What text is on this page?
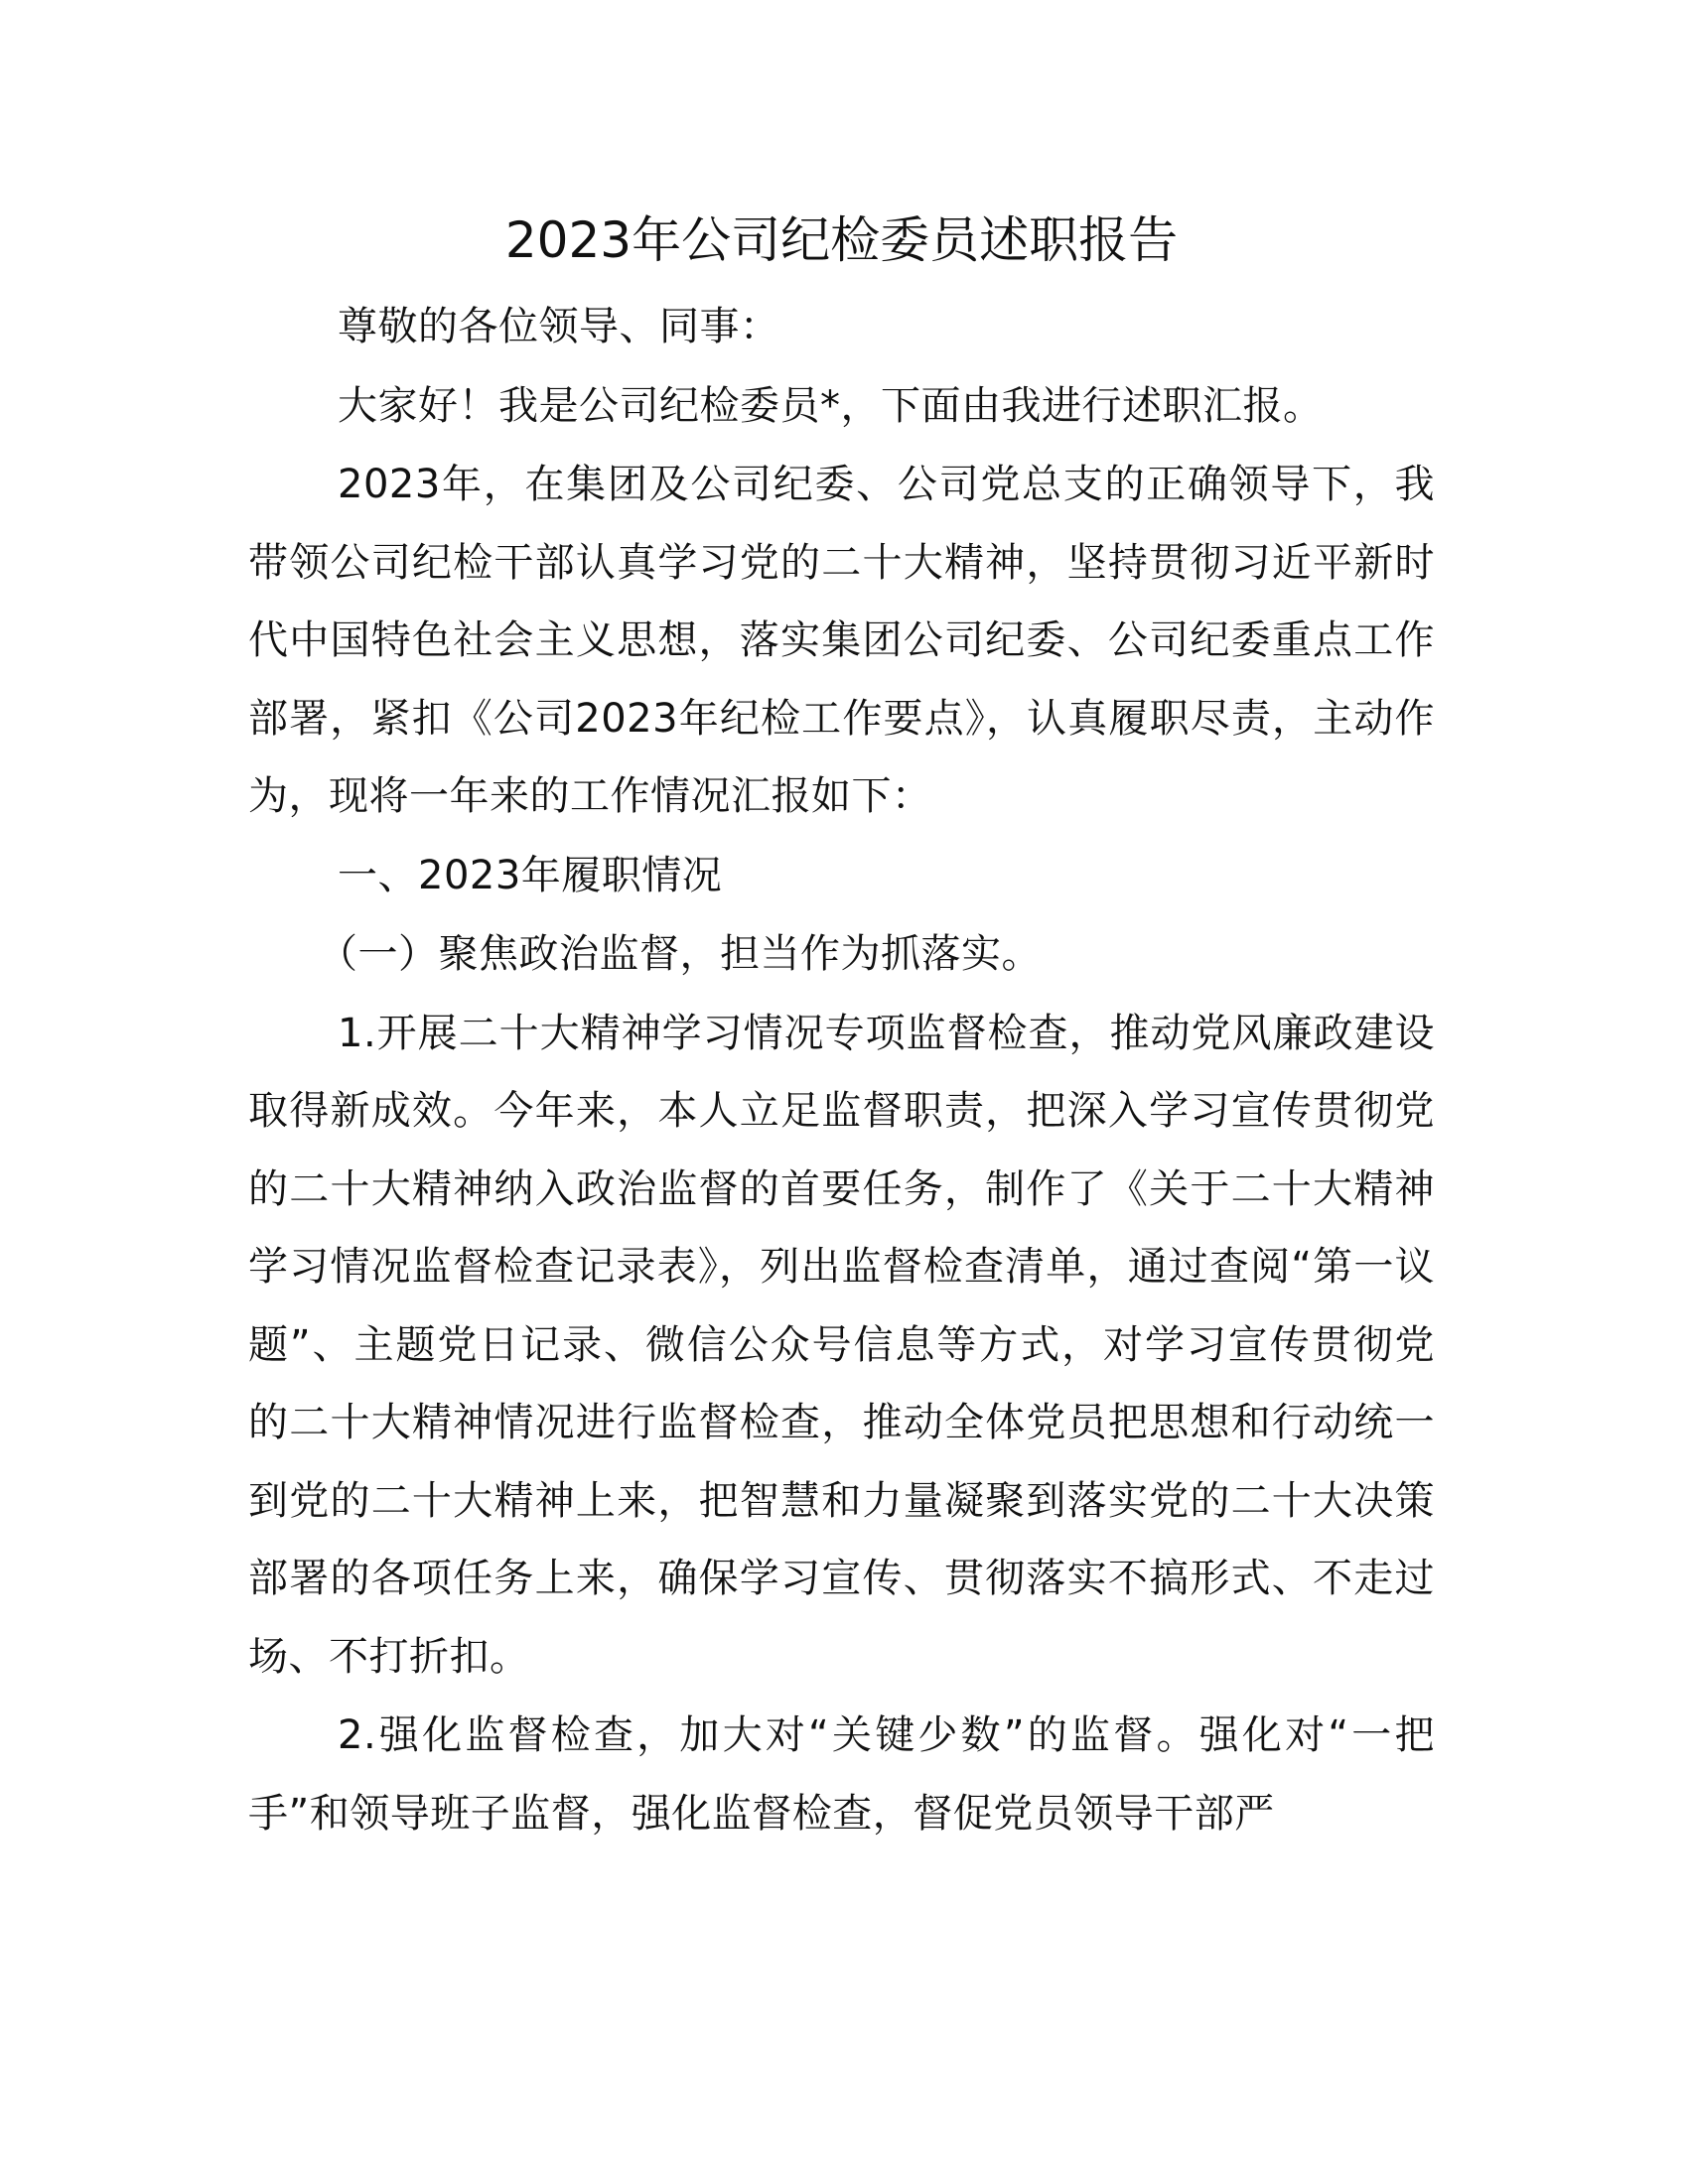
2023年公司纪检委员述职报告

尊敬的各位领导、同事：

大家好！我是公司纪检委员*，下面由我进行述职汇报。

2023年，在集团及公司纪委、公司党总支的正确领导下，我带领公司纪检干部认真学习党的二十大精神，坚持贯彻习近平新时代中国特色社会主义思想，落实集团公司纪委、公司纪委重点工作部署，紧扣《公司2023年纪检工作要点》，认真履职尽责，主动作为，现将一年来的工作情况汇报如下：

一、2023年履职情况

（一）聚焦政治监督，担当作为抓落实。

1.开展二十大精神学习情况专项监督检查，推动党风廉政建设取得新成效。今年来，本人立足监督职责，把深入学习宣传贯彻党的二十大精神纳入政治监督的首要任务，制作了《关于二十大精神学习情况监督检查记录表》，列出监督检查清单，通过查阅“第一议题”、主题党日记录、微信公众号信息等方式，对学习宣传贯彻党的二十大精神情况进行监督检查，推动全体党员把思想和行动统一到党的二十大精神上来，把智慧和力量凝聚到落实党的二十大决策部署的各项任务上来，确保学习宣传、贯彻落实不搞形式、不走过场、不打折扣。

2.强化监督检查，加大对“关键少数”的监督。强化对“一把手”和领导班子监督，强化监督检查，督促党员领导干部严
